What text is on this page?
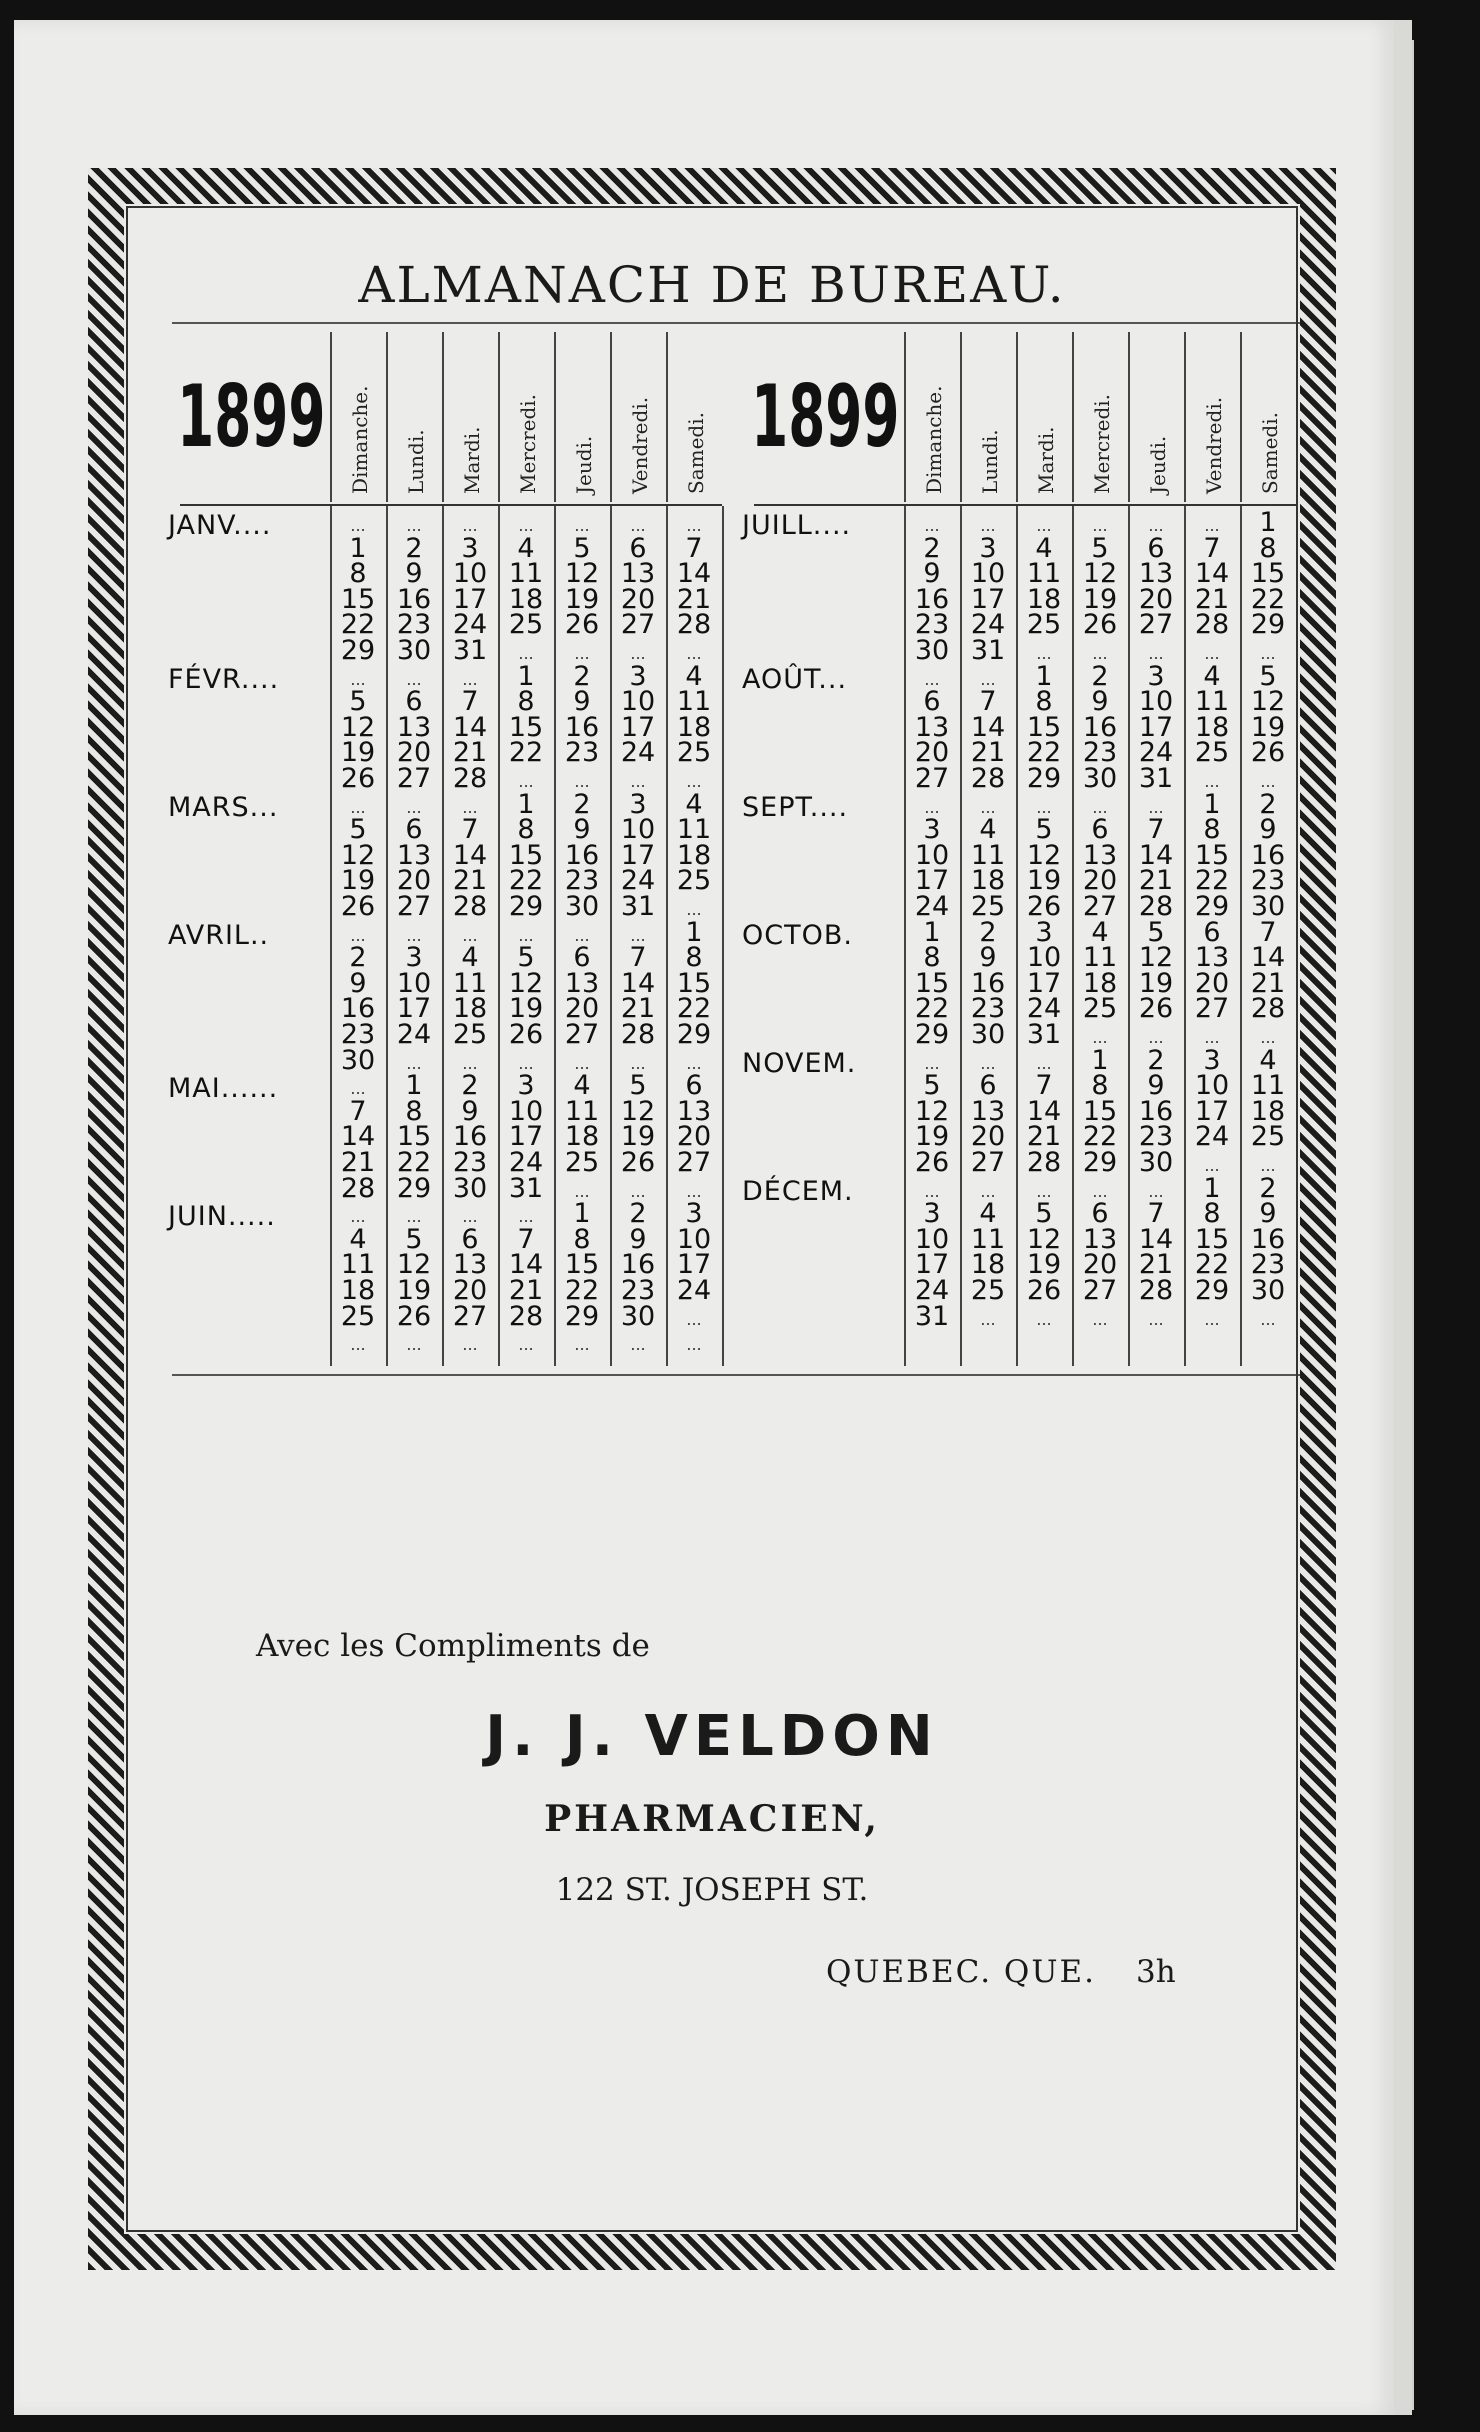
ALMANACH DE BUREAU.
1899 Dimanche. Lundi. Mardi. Mercredi. Jeudi. Vendredi. Samedi.
JANV....	...	...	...	...	...	...	...
1	2	3	4	5	6	7
8	9	10 11 12 13 14
15 16 17 18 19 20 21
22 23 24 25 26 27 28
29 30 31	...	...	...	...
FÉVR....	...	...	...	1	2	3	4
5	6	7	8	9	10 11
12 13 14 15 16 17 18
19 20 21 22 23 24 25
26 27 28	...	...	...	...
MARS...	...	...	...	1	2	3	4
5	6	7	8	9	10 11
12 13 14 15 16 17 18
19 20 21 22 23 24 25
26 27 28 29 30 31	...
AVRIL..	...	...	...	...	...	...	1
2	3	4	5	6	7	8
9	10 11 12 13 14 15
16 17 18 19 20 21 22
23 24 25 26 27 28 29
30	...	...	...	...	...	...
MAI......	...	1	2	3	4	5	6
7	8	9	10 11 12 13
14 15 16 17 18 19 20
21 22 23 24 25 26 27
28 29 30 31	...	...	...
JUIN.....	...	...	...	...	1	2	3
4	5	6	7	8	9	10
11 12 13 14 15 16 17
18 19 20 21 22 23 24
25 26 27 28 29 30	...
...	...	...	...	...	...	...
1899 Dimanche. Lundi. Mardi. Mercredi. Jeudi. Vendredi. Samedi.
JUILL....	...	...	...	...	...	...	1
2	3	4	5	6	7	8
9	10 11 12 13 14 15
16 17 18 19 20 21 22
23 24 25 26 27 28 29
30 31	...	...	...	...	...
AOÛT...	...	...	1	2	3	4	5
6	7	8	9	10 11 12
13 14 15 16 17 18 19
20 21 22 23 24 25 26
27 28 29 30 31	...	...
SEPT....	...	...	...	...	...	1	2
3	4	5	6	7	8	9
10 11 12 13 14 15 16
17 18 19 20 21 22 23
24 25 26 27 28 29 30
OCTOB.	1	2	3	4	5	6	7
8	9	10 11 12 13 14
15 16 17 18 19 20 21
22 23 24 25 26 27 28
29 30 31	...	...	...	...
NOVEM.	...	...	...	1	2	3	4
5	6	7	8	9	10 11
12 13 14 15 16 17 18
19 20 21 22 23 24 25
26 27 28 29 30	...	...
DÉCEM.	...	...	...	...	...	1	2
3	4	5	6	7	8	9
10 11 12 13 14 15 16
17 18 19 20 21 22 23
24 25 26 27 28 29 30
31	...	...	...	...	...	...
Avec les Compliments de
J. J. VELDON
PHARMACIEN,
122 ST. JOSEPH ST.
QUEBEC. QUE. 3h
